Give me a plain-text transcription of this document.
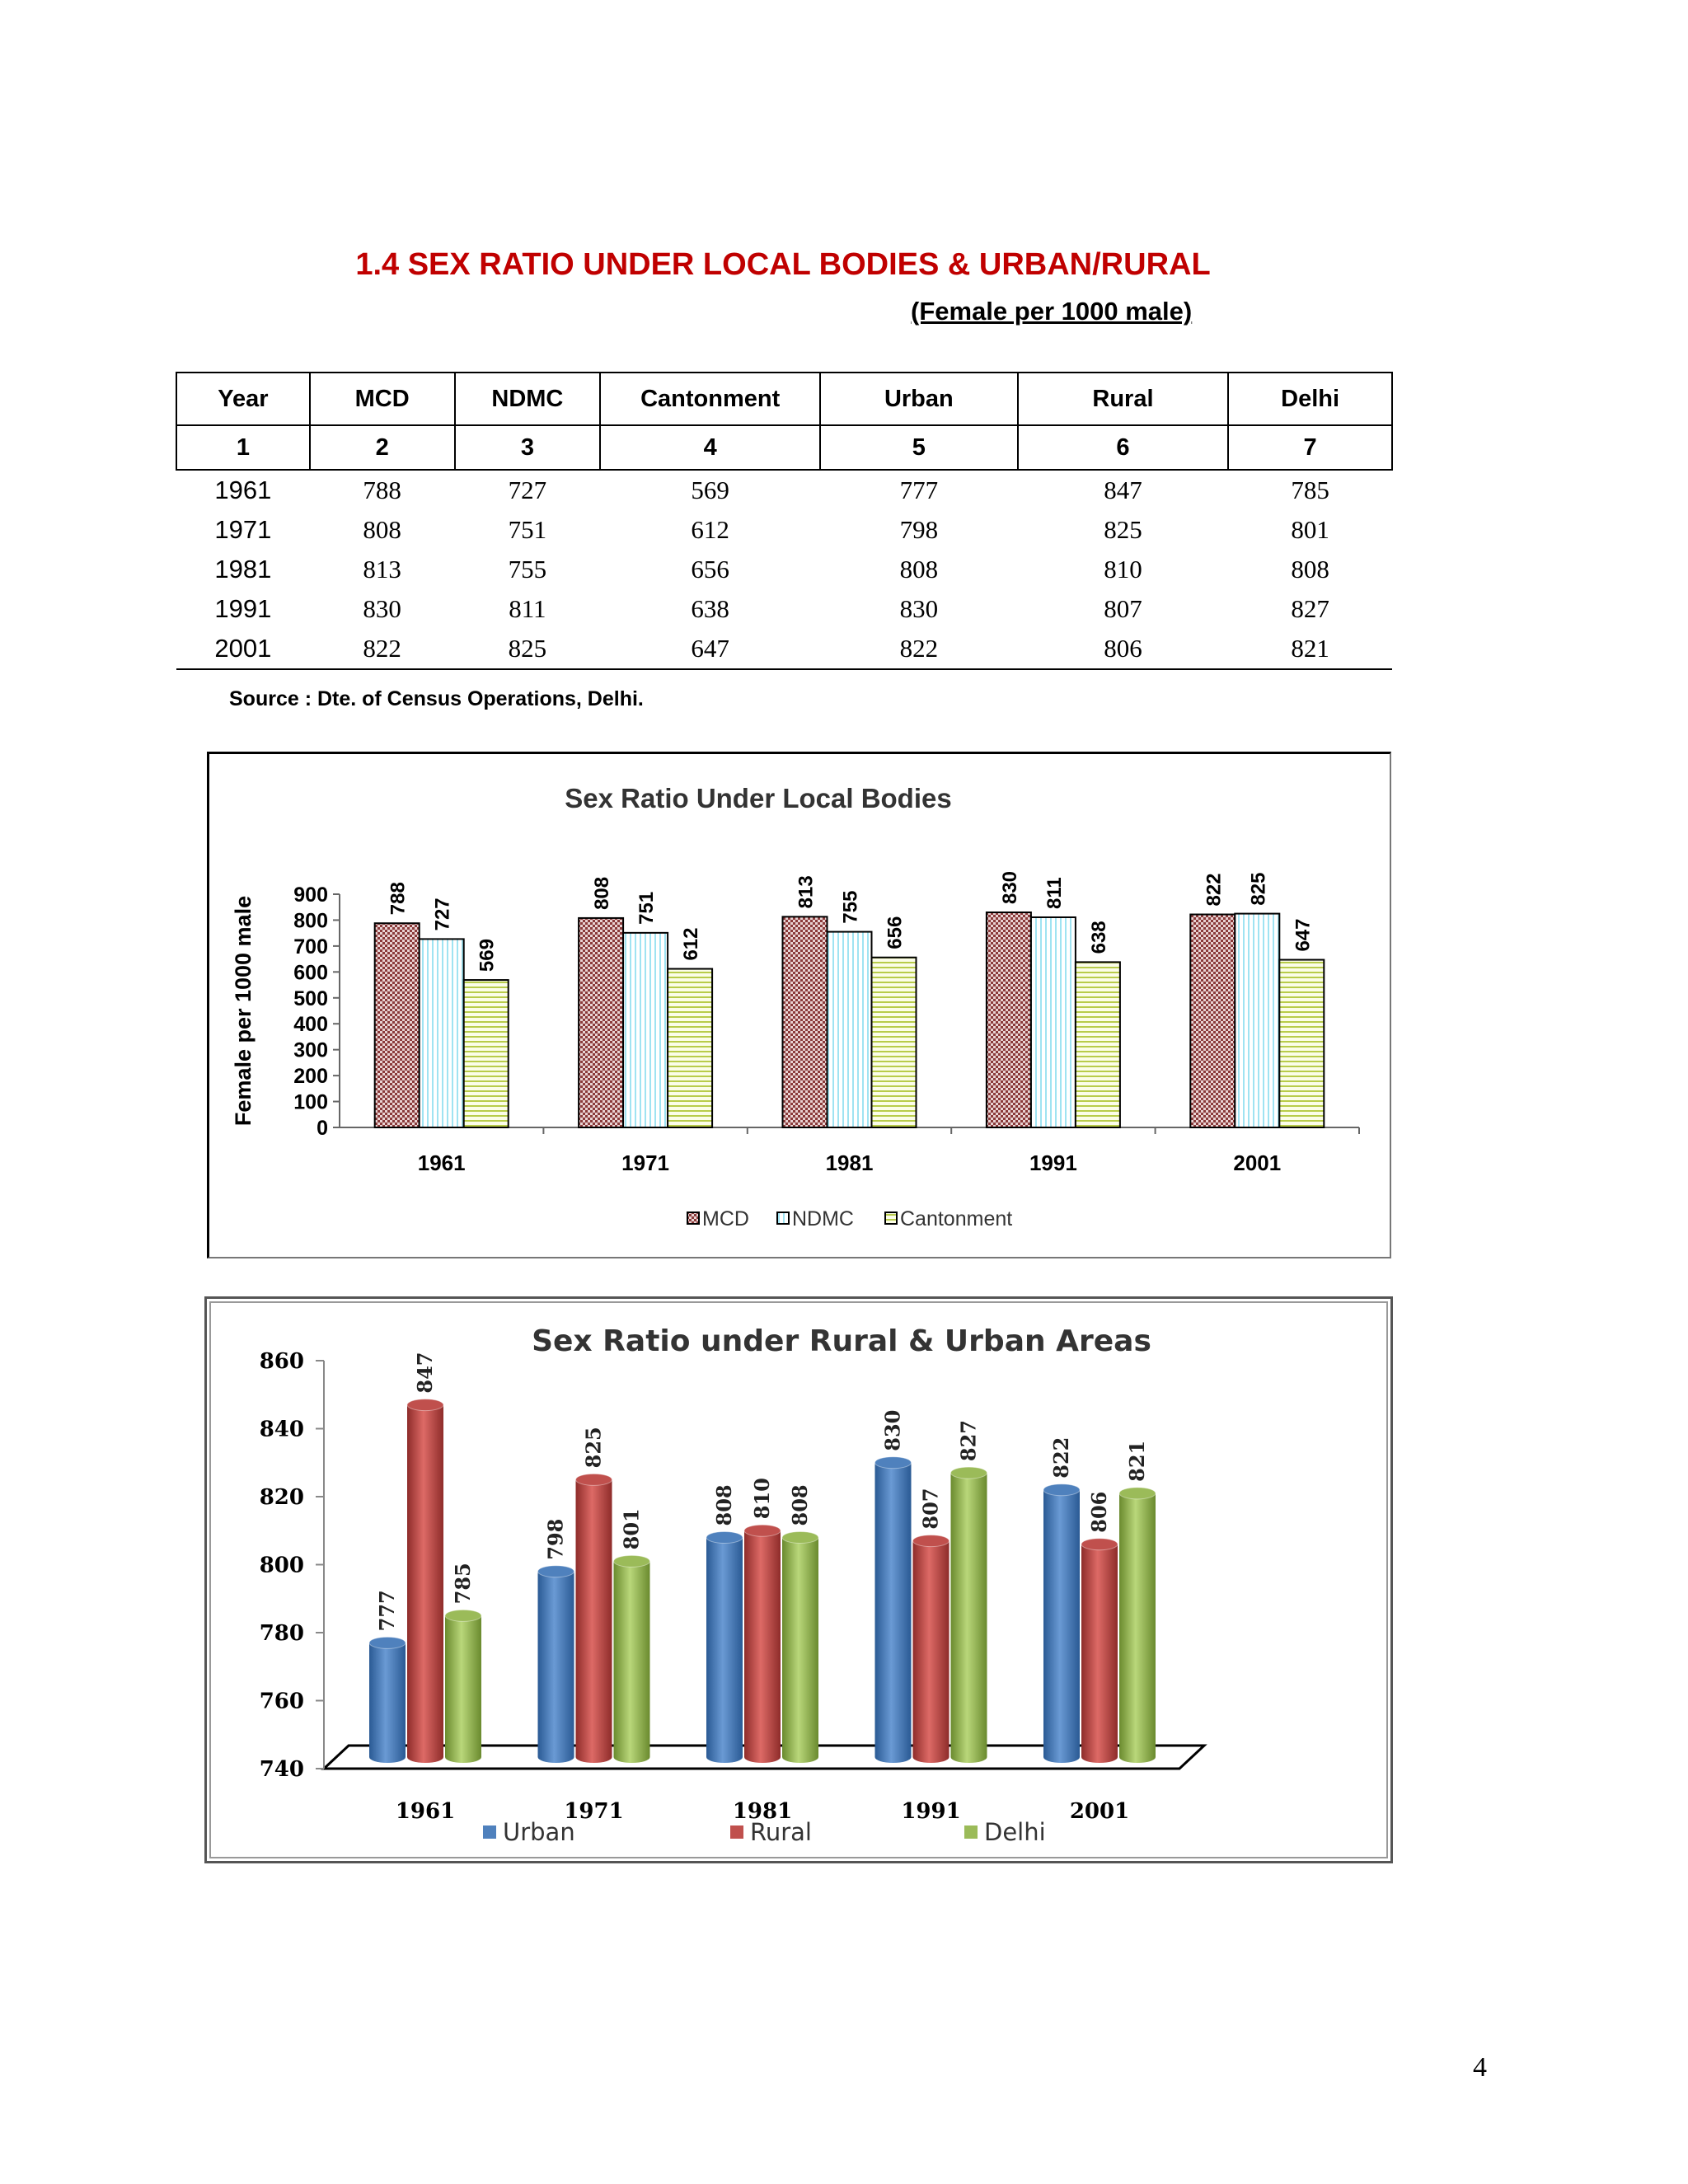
1.4 SEX RATIO UNDER LOCAL BODIES & URBAN/RURAL
(Female per 1000 male)
Year	MCD	NDMC	Cantonment	Urban	Rural	Delhi
1	2	3	4	5	6	7
1961	788	727	569	777	847	785
1971	808	751	612	798	825	801
1981	813	755	656	808	810	808
1991	830	811	638	830	807	827
2001	822	825	647	822	806	821
Source : Dte. of Census Operations, Delhi.
Sex Ratio Under Local Bodies
Female per 1000 male
0
100
200
300
400
500
600
700
800
900	788 727
569
1961
808 751
612
1971
813 755
656
1981
830 811
638
1991
822 825
647
2001
MCD NDMC Cantonment
Sex Ratio under Rural & Urban Areas
740
760
780
800
820
840
860
777
847
785
1961
798
825
801
1971
808 810 808
1981
830
807
827
1991
822
806
821
2001
Urban	Rural	Delhi
4
